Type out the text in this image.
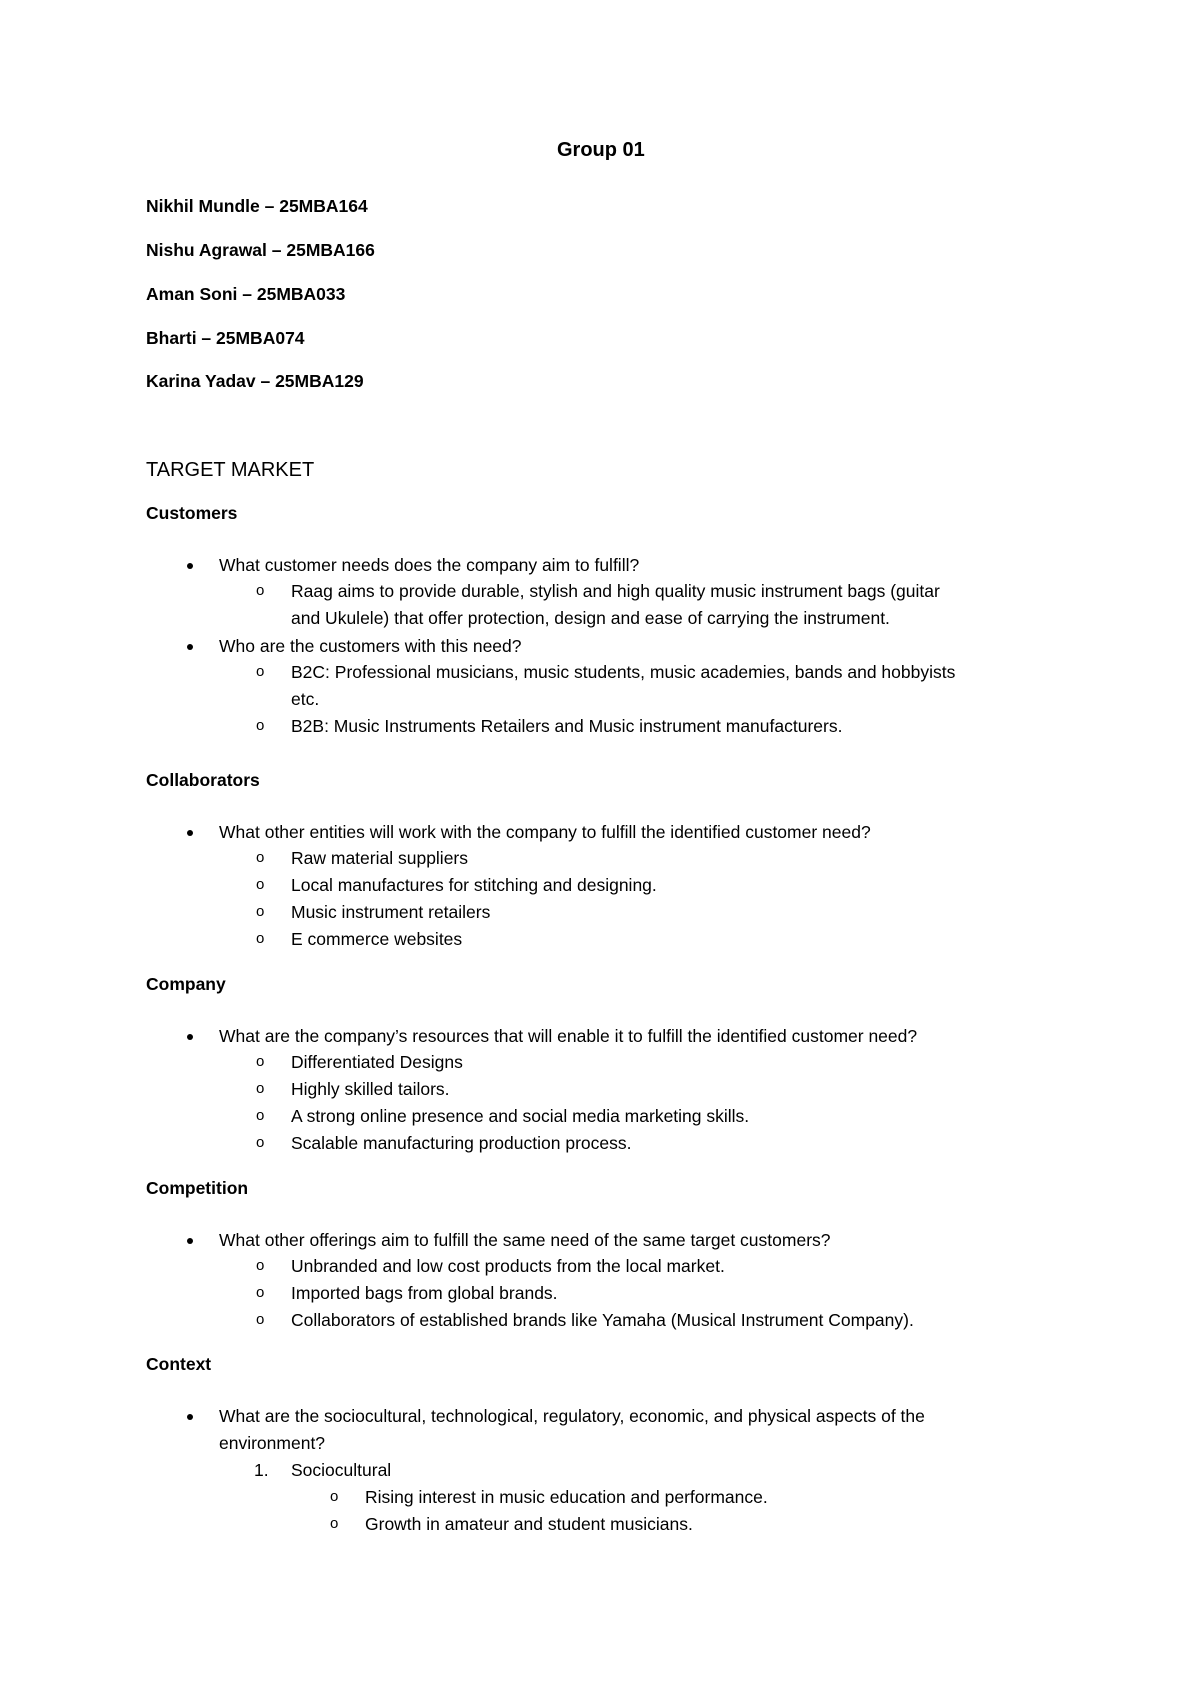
Group 01

Nikhil Mundle – 25MBA164

Nishu Agrawal – 25MBA166

Aman Soni – 25MBA033

Bharti – 25MBA074

Karina Yadav – 25MBA129

TARGET MARKET

Customers

What customer needs does the company aim to fulfill?

o Raag aims to provide durable, stylish and high quality music instrument bags (guitar

and Ukulele) that offer protection, design and ease of carrying the instrument.

Who are the customers with this need?

o B2C: Professional musicians, music students, music academies, bands and hobbyists

etc.

o B2B: Music Instruments Retailers and Music instrument manufacturers.

Collaborators

What other entities will work with the company to fulfill the identified customer need?

o Raw material suppliers

o Local manufactures for stitching and designing.

o Music instrument retailers

o E commerce websites

Company

What are the company’s resources that will enable it to fulfill the identified customer need?

o Differentiated Designs

o Highly skilled tailors.

o A strong online presence and social media marketing skills.

o Scalable manufacturing production process.

Competition

What other offerings aim to fulfill the same need of the same target customers?

o Unbranded and low cost products from the local market.

o Imported bags from global brands.

o Collaborators of established brands like Yamaha (Musical Instrument Company).

Context

What are the sociocultural, technological, regulatory, economic, and physical aspects of the

environment?

1. Sociocultural

o Rising interest in music education and performance.

o Growth in amateur and student musicians.
